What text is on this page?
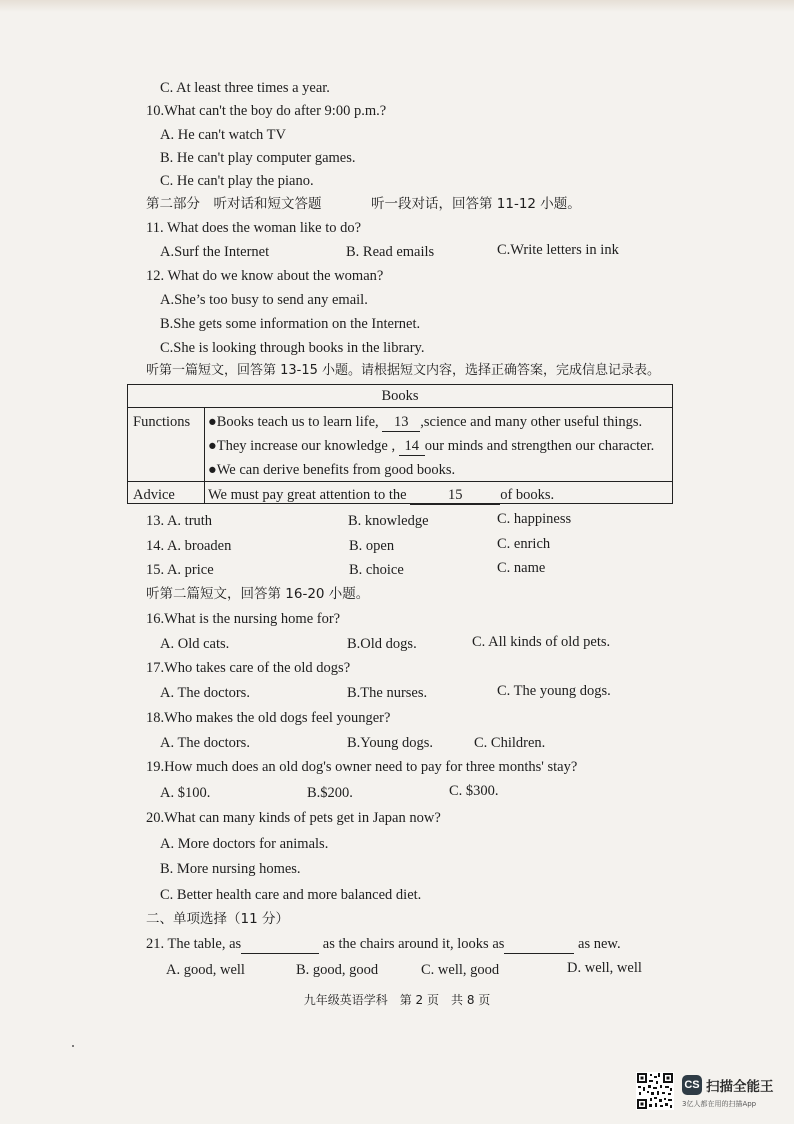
C. At least three times a year.
10.What can't the boy do after 9:00 p.m.?
A. He can't watch TV
B. He can't play computer games.
C. He can't play the piano.
第二部分　听对话和短文答题	听一段对话，回答第 11-12 小题。
11. What does the woman like to do?
A.Surf the Internet	B. Read emails	C.Write letters in ink
12. What do we know about the woman?
A.She’s too busy to send any email.
B.She gets some information on the Internet.
C.She is looking through books in the library.
听第一篇短文，回答第 13-15 小题。请根据短文内容，选择正确答案，完成信息记录表。
Books
Functions ●Books teach us to learn life, 13 ,science and many other useful things.
●They increase our knowledge , 14 our minds and strengthen our character.
●We can derive benefits from good books.
Advice We must pay great attention to the	15	of books.
13. A. truth	B. knowledge	C. happiness
14. A. broaden	B. open	C. enrich
15. A. price	B. choice	C. name
听第二篇短文，回答第 16-20 小题。
16.What is the nursing home for?
A. Old cats.	B.Old dogs.	C. All kinds of old pets.
17.Who takes care of the old dogs?
A. The doctors.	B.The nurses.	C. The young dogs.
18.Who makes the old dogs feel younger?
A. The doctors.	B.Young dogs.	C. Children.
19.How much does an old dog's owner need to pay for three months' stay?
A. $100.	B.$200.	C. $300.
20.What can many kinds of pets get in Japan now?
A. More doctors for animals.
B. More nursing homes.
C. Better health care and more balanced diet.
二、单项选择（11 分）
21. The table, as	as the chairs around it, looks as	as new.
A. good, well	B. good, good	C. well, good	D. well, well
九年级英语学科　第 2 页　共 8 页
CS 扫描全能王
3亿人都在用的扫描App
